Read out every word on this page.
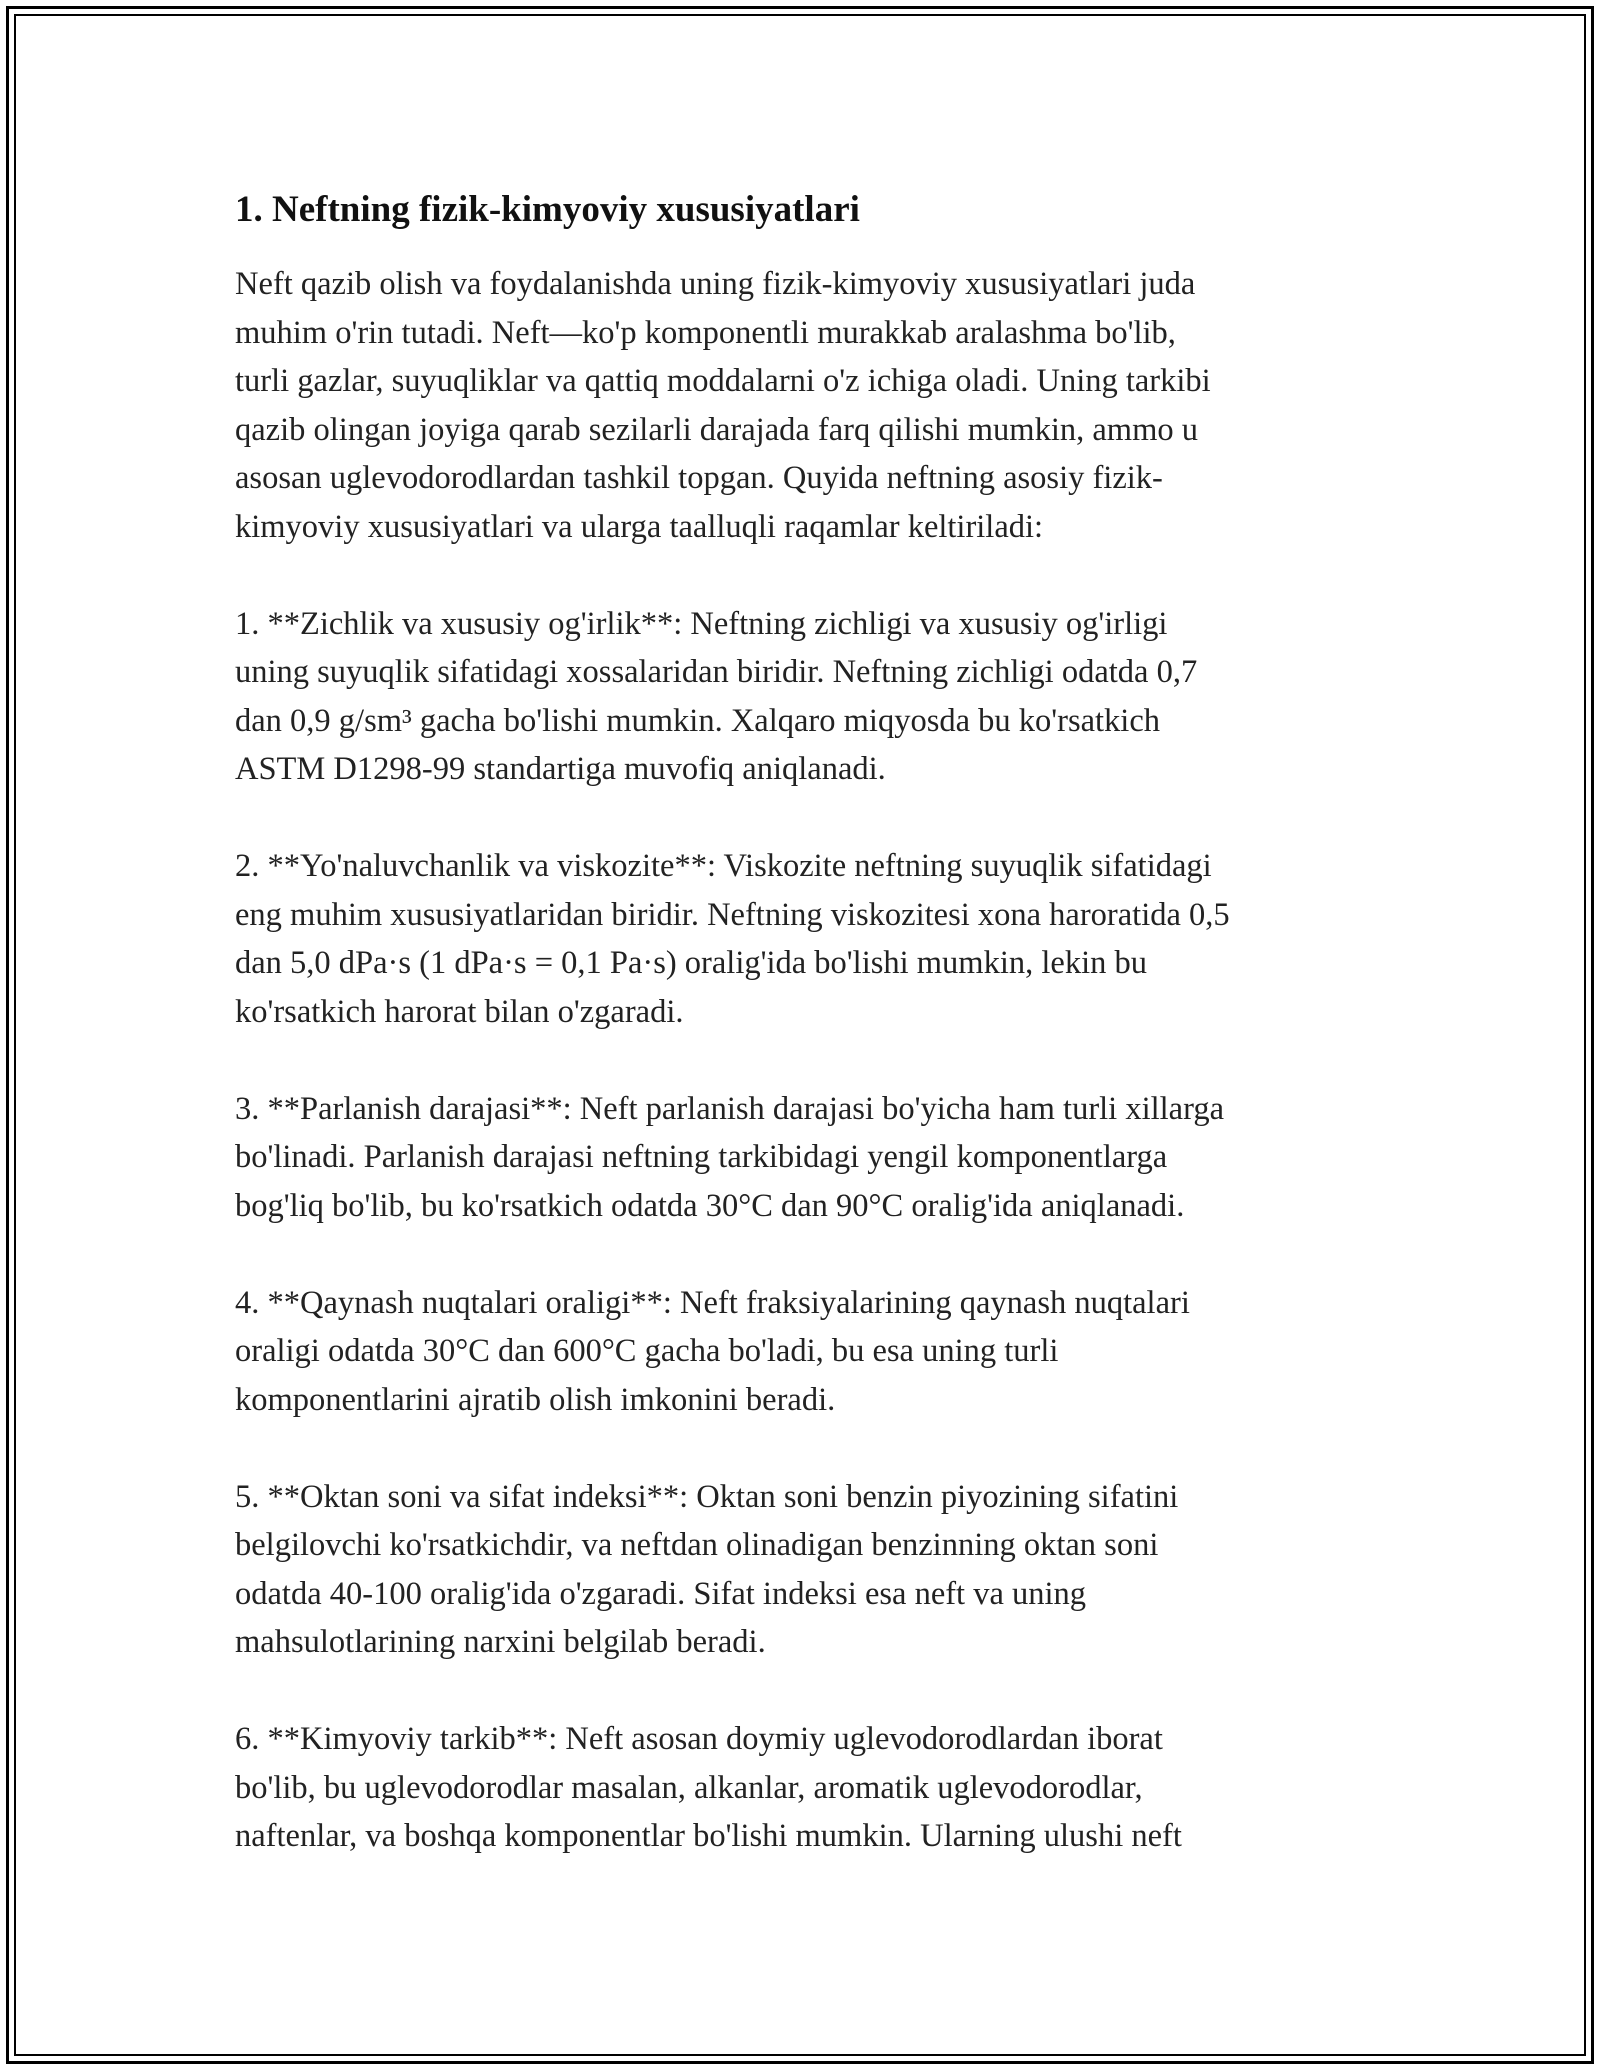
1. Neftning fizik-kimyoviy xususiyatlari

Neft qazib olish va foydalanishda uning fizik-kimyoviy xususiyatlari juda
muhim o'rin tutadi. Neft—ko'p komponentli murakkab aralashma bo'lib,
turli gazlar, suyuqliklar va qattiq moddalarni o'z ichiga oladi. Uning tarkibi
qazib olingan joyiga qarab sezilarli darajada farq qilishi mumkin, ammo u
asosan uglevodorodlardan tashkil topgan. Quyida neftning asosiy fizik-
kimyoviy xususiyatlari va ularga taalluqli raqamlar keltiriladi:

1. **Zichlik va xususiy og'irlik**: Neftning zichligi va xususiy og'irligi
uning suyuqlik sifatidagi xossalaridan biridir. Neftning zichligi odatda 0,7
dan 0,9 g/sm³ gacha bo'lishi mumkin. Xalqaro miqyosda bu ko'rsatkich
ASTM D1298-99 standartiga muvofiq aniqlanadi.

2. **Yo'naluvchanlik va viskozite**: Viskozite neftning suyuqlik sifatidagi
eng muhim xususiyatlaridan biridir. Neftning viskozitesi xona haroratida 0,5
dan 5,0 dPa·s (1 dPa·s = 0,1 Pa·s) oralig'ida bo'lishi mumkin, lekin bu
ko'rsatkich harorat bilan o'zgaradi.

3. **Parlanish darajasi**: Neft parlanish darajasi bo'yicha ham turli xillarga
bo'linadi. Parlanish darajasi neftning tarkibidagi yengil komponentlarga
bog'liq bo'lib, bu ko'rsatkich odatda 30°C dan 90°C oralig'ida aniqlanadi.

4. **Qaynash nuqtalari oraligi**: Neft fraksiyalarining qaynash nuqtalari
oraligi odatda 30°C dan 600°C gacha bo'ladi, bu esa uning turli
komponentlarini ajratib olish imkonini beradi.

5. **Oktan soni va sifat indeksi**: Oktan soni benzin piyozining sifatini
belgilovchi ko'rsatkichdir, va neftdan olinadigan benzinning oktan soni
odatda 40-100 oralig'ida o'zgaradi. Sifat indeksi esa neft va uning
mahsulotlarining narxini belgilab beradi.

6. **Kimyoviy tarkib**: Neft asosan doymiy uglevodorodlardan iborat
bo'lib, bu uglevodorodlar masalan, alkanlar, aromatik uglevodorodlar,
naftenlar, va boshqa komponentlar bo'lishi mumkin. Ularning ulushi neft
